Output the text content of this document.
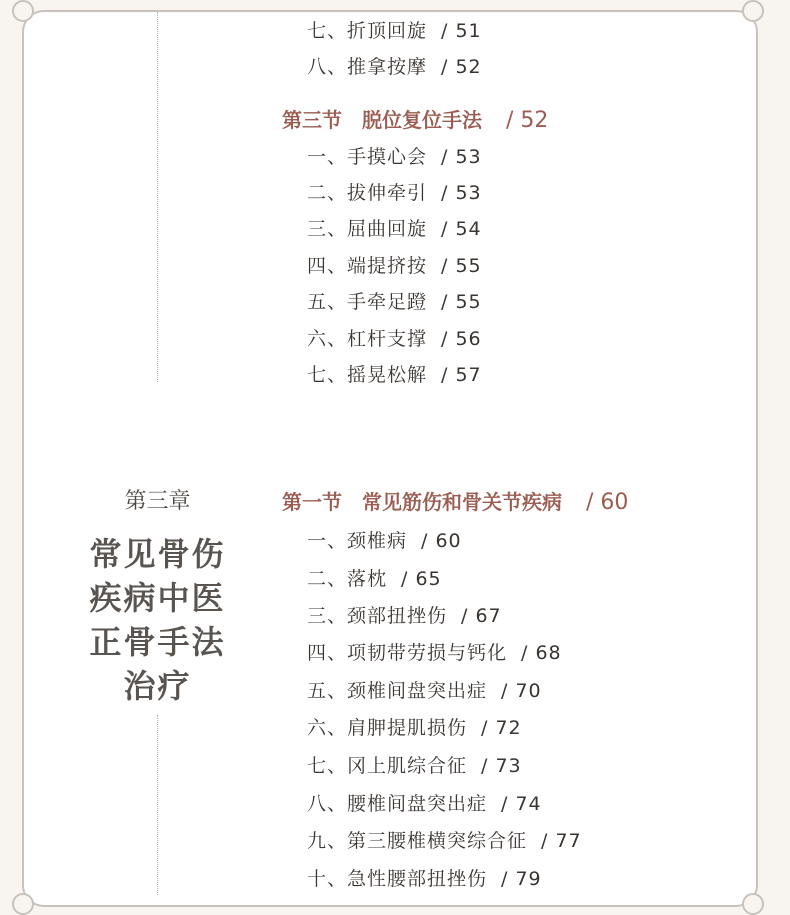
七、折顶回旋 / 51
八、推拿按摩 / 52
第三节 脱位复位手法 / 52
一、手摸心会 / 53
二、拔伸牵引 / 53
三、屈曲回旋 / 54
四、端提挤按 / 55
五、手牵足蹬 / 55
六、杠杆支撑 / 56
七、摇晃松解 / 57
第三章
常见骨伤
疾病中医
正骨手法
治疗
第一节 常见筋伤和骨关节疾病 / 60
一、颈椎病 / 60
二、落枕 / 65
三、颈部扭挫伤 / 67
四、项韧带劳损与钙化 / 68
五、颈椎间盘突出症 / 70
六、肩胛提肌损伤 / 72
七、冈上肌综合征 / 73
八、腰椎间盘突出症 / 74
九、第三腰椎横突综合征 / 77
十、急性腰部扭挫伤 / 79
